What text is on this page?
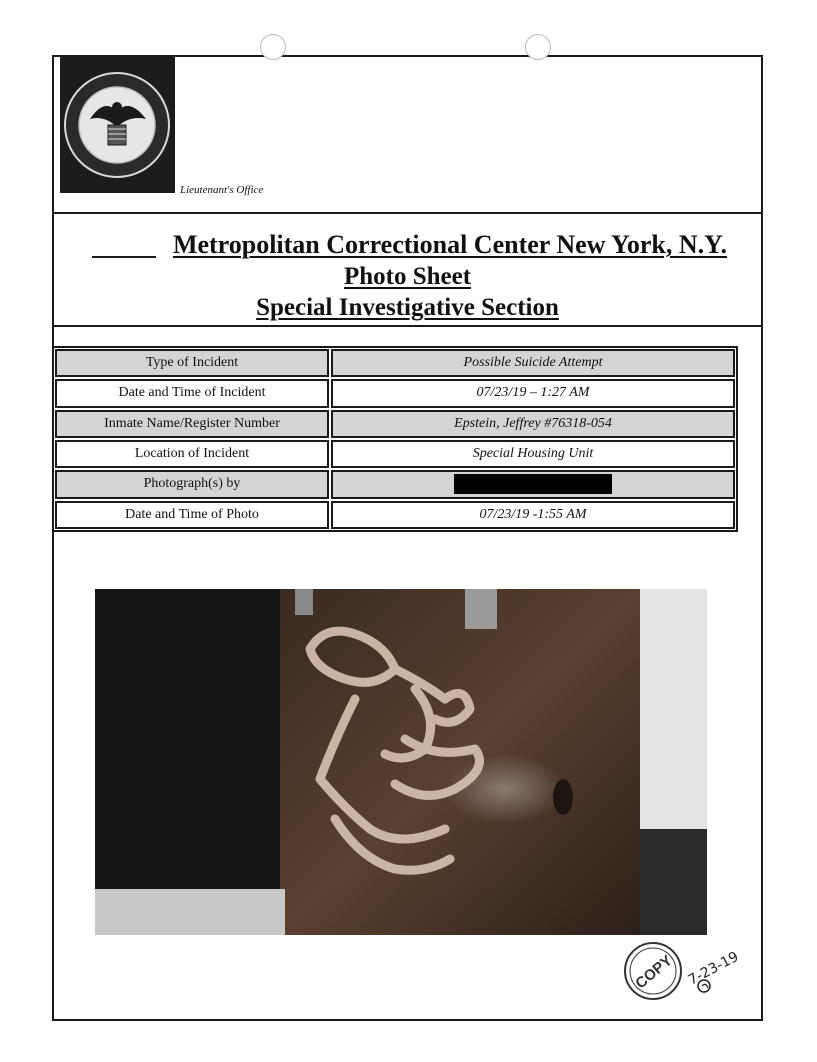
Lieutenant's Office
Metropolitan Correctional Center New York, N.Y.
Photo Sheet
Special Investigative Section
Type of Incident	Possible Suicide Attempt
Date and Time of Incident	07/23/19 – 1:27 AM
Inmate Name/Register Number	Epstein, Jeffrey #76318-054
Location of Incident	Special Housing Unit
Photograph(s) by
Date and Time of Photo	07/23/19 -1:55 AM
COPY 7-23-19
